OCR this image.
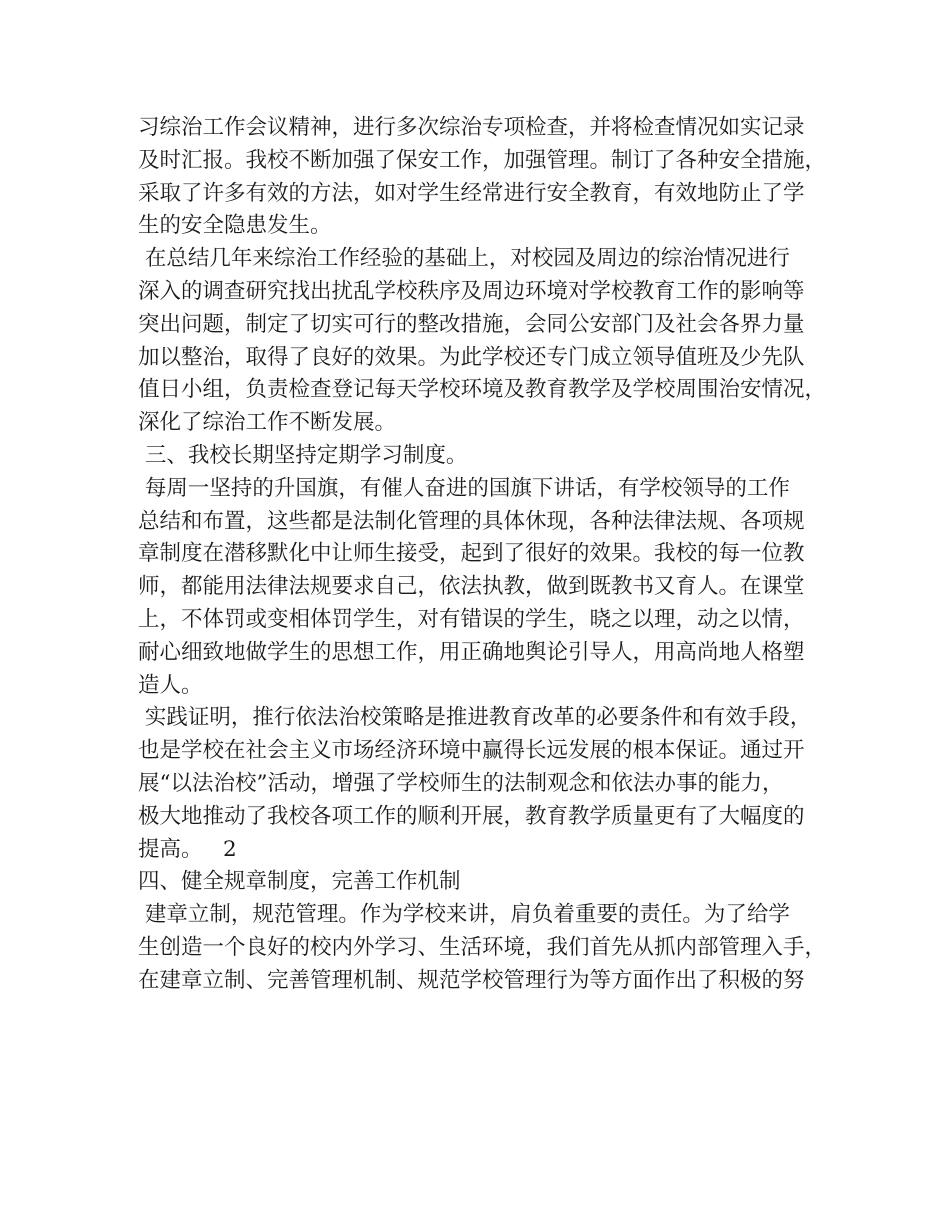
习综治工作会议精神，进行多次综治专项检查，并将检查情况如实记录
及时汇报。我校不断加强了保安工作，加强管理。制订了各种安全措施，
采取了许多有效的方法，如对学生经常进行安全教育，有效地防止了学
生的安全隐患发生。
在总结几年来综治工作经验的基础上，对校园及周边的综治情况进行
深入的调查研究找出扰乱学校秩序及周边环境对学校教育工作的影响等
突出问题，制定了切实可行的整改措施，会同公安部门及社会各界力量
加以整治，取得了良好的效果。为此学校还专门成立领导值班及少先队
值日小组，负责检查登记每天学校环境及教育教学及学校周围治安情况，
深化了综治工作不断发展。
三、我校长期坚持定期学习制度。
每周一坚持的升国旗，有催人奋进的国旗下讲话，有学校领导的工作
总结和布置，这些都是法制化管理的具体休现，各种法律法规、各项规
章制度在潜移默化中让师生接受，起到了很好的效果。我校的每一位教
师，都能用法律法规要求自己，依法执教，做到既教书又育人。在课堂
上，不体罚或变相体罚学生，对有错误的学生，晓之以理，动之以情，
耐心细致地做学生的思想工作，用正确地舆论引导人，用高尚地人格塑
造人。
实践证明，推行依法治校策略是推进教育改革的必要条件和有效手段，
也是学校在社会主义市场经济环境中赢得长远发展的根本保证。通过开
展“以法治校”活动，增强了学校师生的法制观念和依法办事的能力，
极大地推动了我校各项工作的顺利开展，教育教学质量更有了大幅度的
提高。   2
四、健全规章制度，完善工作机制
建章立制，规范管理。作为学校来讲，肩负着重要的责任。为了给学
生创造一个良好的校内外学习、生活环境，我们首先从抓内部管理入手，
在建章立制、完善管理机制、规范学校管理行为等方面作出了积极的努
